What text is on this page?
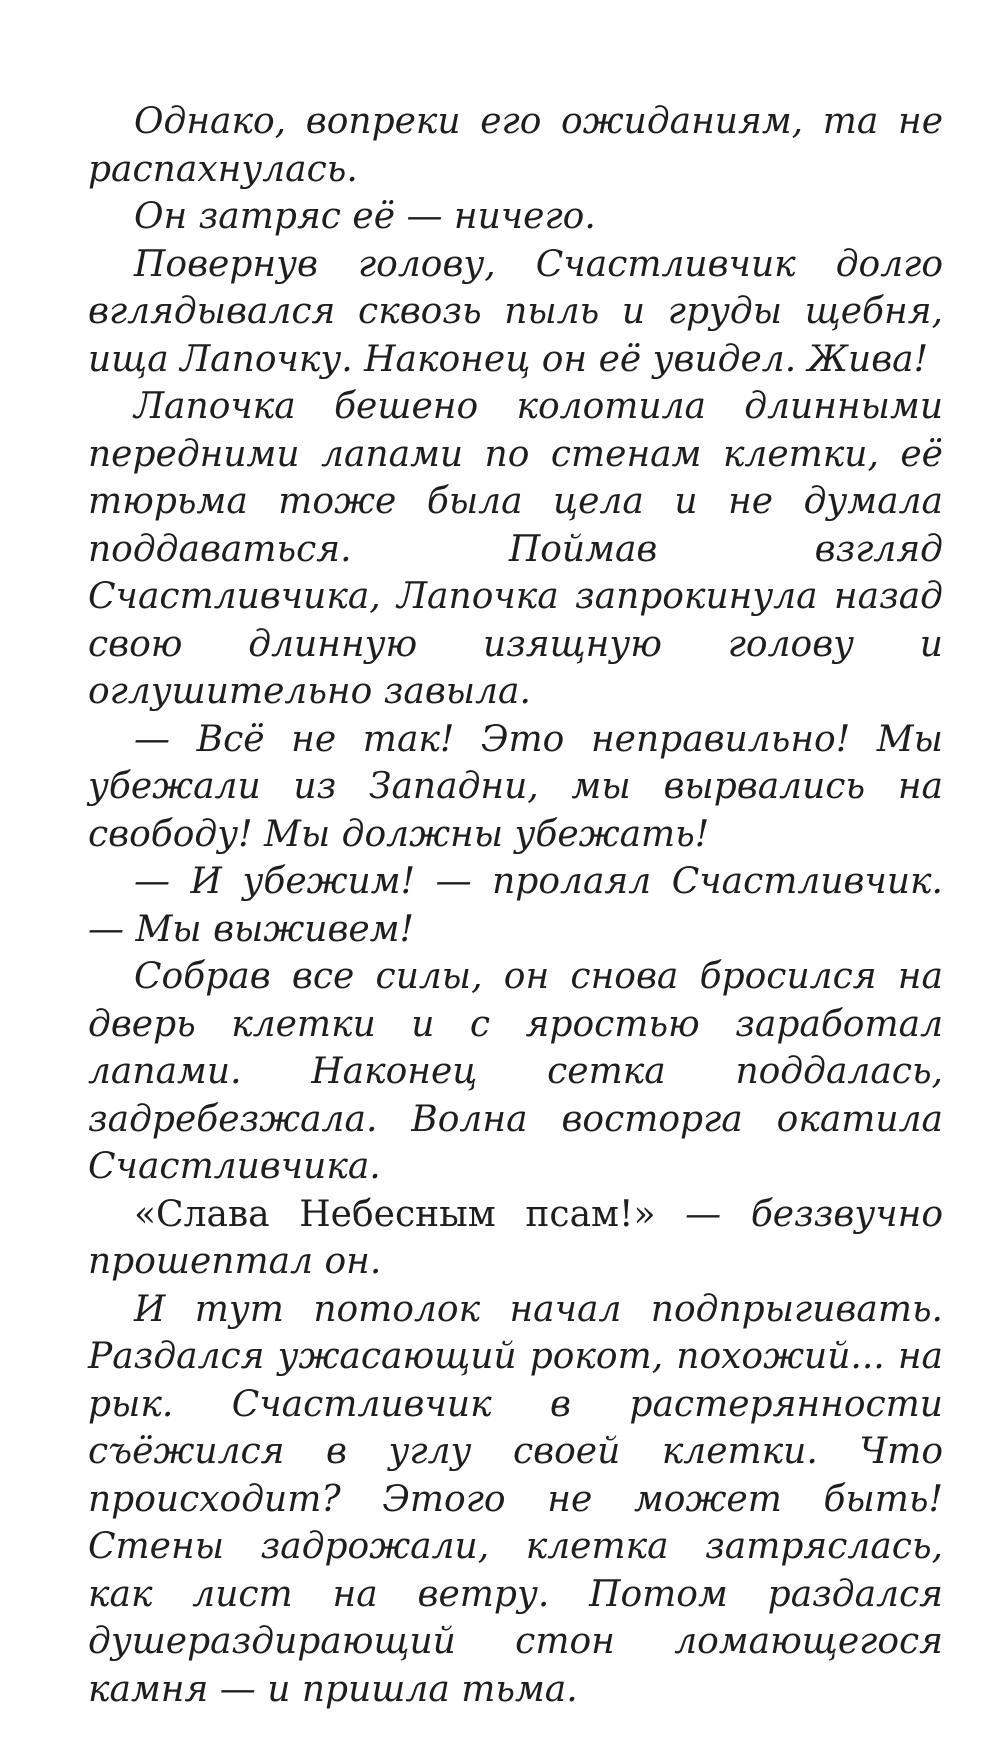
Однако, вопреки его ожиданиям, та не распахнулась.

Он затряс её — ничего.

Повернув голову, Счастливчик долго вглядывался сквозь пыль и груды щебня, ища Лапочку. Наконец он её увидел. Жива!

Лапочка бешено колотила длинными передними лапами по стенам клетки, её тюрьма тоже была цела и не думала поддаваться. Поймав взгляд Счастливчика, Лапочка запрокинула назад свою длинную изящную голову и оглушительно завыла.

— Всё не так! Это неправильно! Мы убежали из Западни, мы вырвались на свободу! Мы должны убежать!

— И убежим! — пролаял Счастливчик. — Мы выживем!

Собрав все силы, он снова бросился на дверь клетки и с яростью заработал лапами. Наконец сетка поддалась, задребезжала. Волна восторга окатила Счастливчика.

«Слава Небесным псам!» — беззвучно прошептал он.

И тут потолок начал подпрыгивать. Раздался ужасающий рокот, похожий... на рык. Счастливчик в растерянности съёжился в углу своей клетки. Что происходит? Этого не может быть! Стены задрожали, клетка затряслась, как лист на ветру. Потом раздался душераздирающий стон ломающегося камня — и пришла тьма.
